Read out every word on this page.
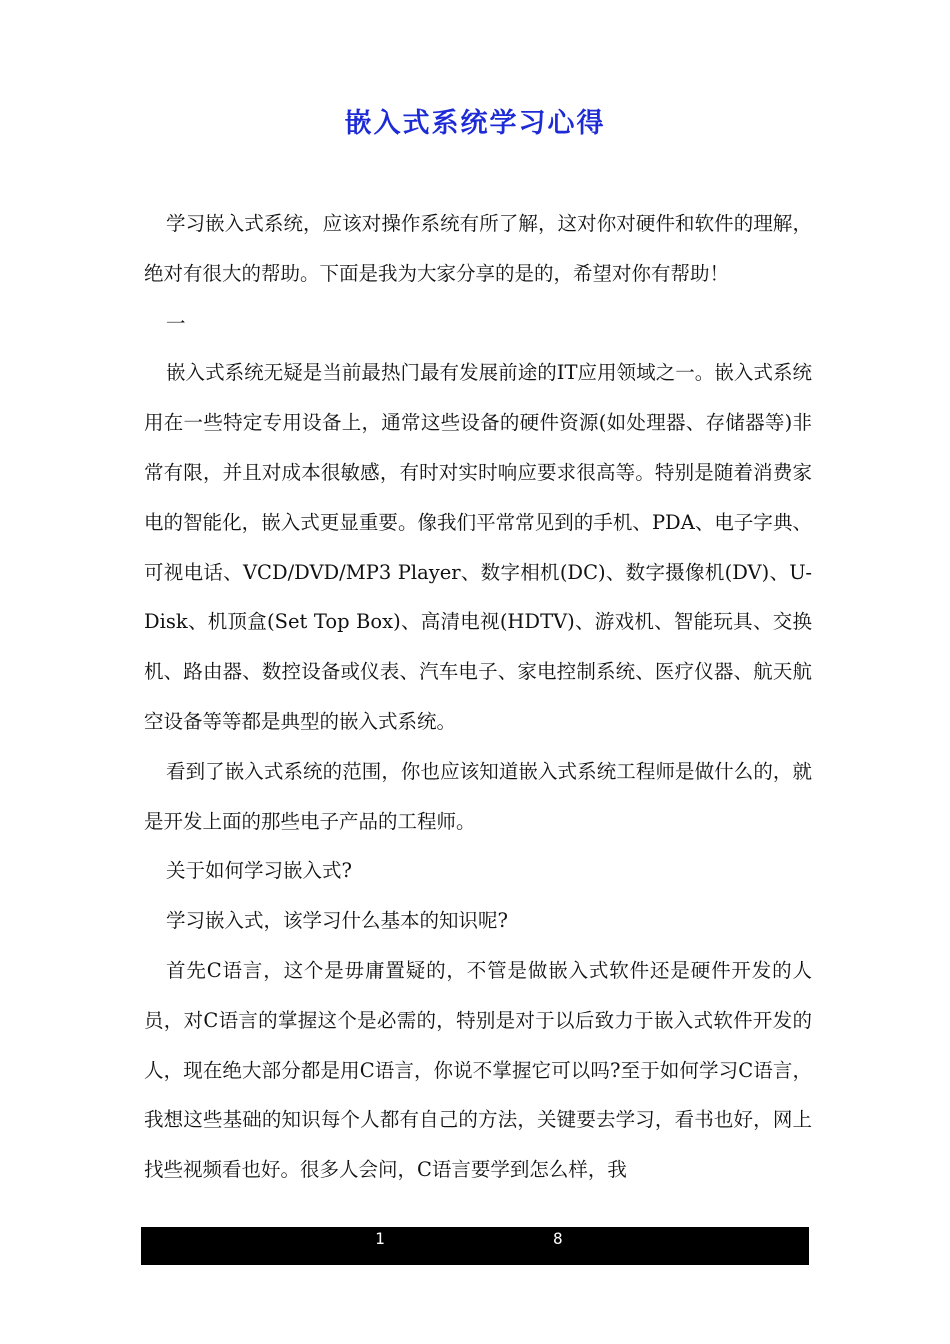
嵌入式系统学习心得

学习嵌入式系统，应该对操作系统有所了解，这对你对硬件和软件的理解，绝对有很大的帮助。下面是我为大家分享的是的，希望对你有帮助！

一

嵌入式系统无疑是当前最热门最有发展前途的IT应用领域之一。嵌入式系统用在一些特定专用设备上，通常这些设备的硬件资源(如处理器、存储器等)非常有限，并且对成本很敏感，有时对实时响应要求很高等。特别是随着消费家电的智能化，嵌入式更显重要。像我们平常常见到的手机、PDA、电子字典、可视电话、VCD/DVD/MP3 Player、数字相机(DC)、数字摄像机(DV)、U-Disk、机顶盒(Set Top Box)、高清电视(HDTV)、游戏机、智能玩具、交换机、路由器、数控设备或仪表、汽车电子、家电控制系统、医疗仪器、航天航空设备等等都是典型的嵌入式系统。

看到了嵌入式系统的范围，你也应该知道嵌入式系统工程师是做什么的，就是开发上面的那些电子产品的工程师。

关于如何学习嵌入式?

学习嵌入式，该学习什么基本的知识呢?

首先C语言，这个是毋庸置疑的，不管是做嵌入式软件还是硬件开发的人员，对C语言的掌握这个是必需的，特别是对于以后致力于嵌入式软件开发的人，现在绝大部分都是用C语言，你说不掌握它可以吗?至于如何学习C语言，我想这些基础的知识每个人都有自己的方法，关键要去学习，看书也好，网上找些视频看也好。很多人会问，C语言要学到怎么样，我

1	8
